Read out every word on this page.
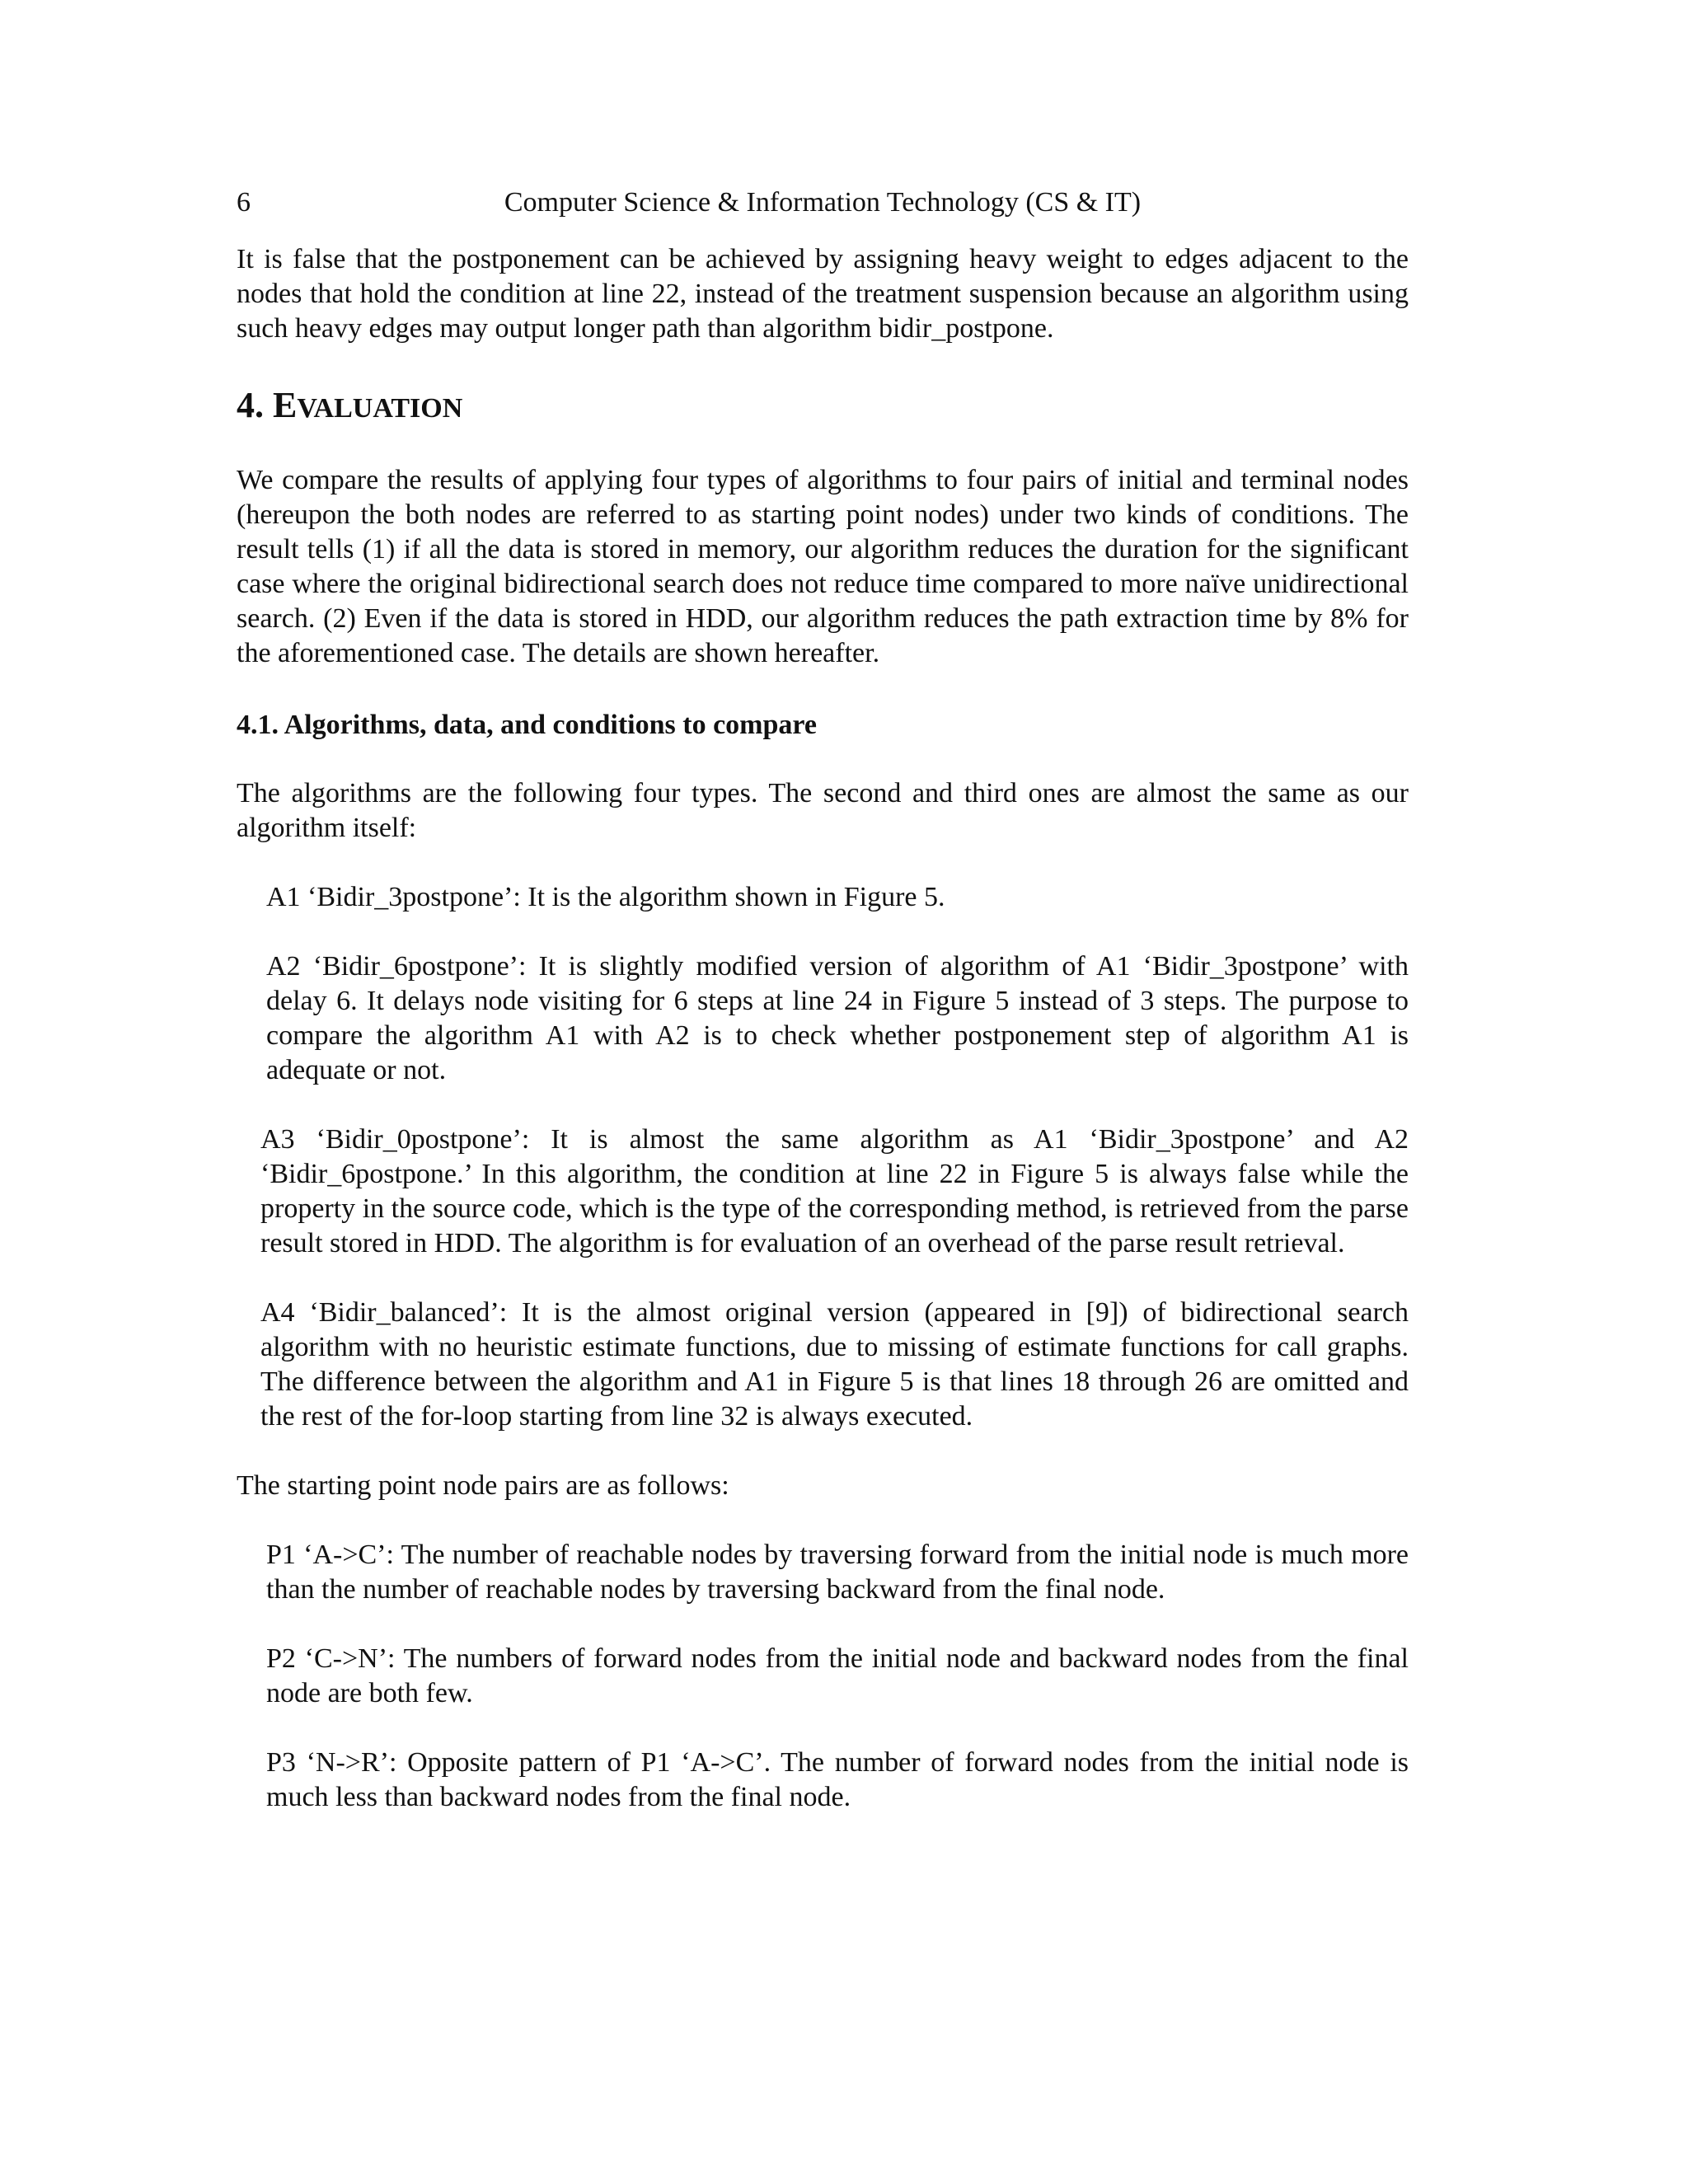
6	Computer Science & Information Technology (CS & IT)

It is false that the postponement can be achieved by assigning heavy weight to edges adjacent to the nodes that hold the condition at line 22, instead of the treatment suspension because an algorithm using such heavy edges may output longer path than algorithm bidir_postpone.

4. EVALUATION

We compare the results of applying four types of algorithms to four pairs of initial and terminal nodes (hereupon the both nodes are referred to as starting point nodes) under two kinds of conditions. The result tells (1) if all the data is stored in memory, our algorithm reduces the duration for the significant case where the original bidirectional search does not reduce time compared to more naïve unidirectional search. (2) Even if the data is stored in HDD, our algorithm reduces the path extraction time by 8% for the aforementioned case. The details are shown hereafter.

4.1. Algorithms, data, and conditions to compare

The algorithms are the following four types. The second and third ones are almost the same as our algorithm itself:

A1 ‘Bidir_3postpone’: It is the algorithm shown in Figure 5.

A2 ‘Bidir_6postpone’: It is slightly modified version of algorithm of A1 ‘Bidir_3postpone’ with delay 6. It delays node visiting for 6 steps at line 24 in Figure 5 instead of 3 steps. The purpose to compare the algorithm A1 with A2 is to check whether postponement step of algorithm A1 is adequate or not.

A3 ‘Bidir_0postpone’: It is almost the same algorithm as A1 ‘Bidir_3postpone’ and A2 ‘Bidir_6postpone.’ In this algorithm, the condition at line 22 in Figure 5 is always false while the property in the source code, which is the type of the corresponding method, is retrieved from the parse result stored in HDD. The algorithm is for evaluation of an overhead of the parse result retrieval.

A4 ‘Bidir_balanced’: It is the almost original version (appeared in [9]) of bidirectional search algorithm with no heuristic estimate functions, due to missing of estimate functions for call graphs. The difference between the algorithm and A1 in Figure 5 is that lines 18 through 26 are omitted and the rest of the for-loop starting from line 32 is always executed.

The starting point node pairs are as follows:

P1 ‘A->C’: The number of reachable nodes by traversing forward from the initial node is much more than the number of reachable nodes by traversing backward from the final node.

P2 ‘C->N’: The numbers of forward nodes from the initial node and backward nodes from the final node are both few.

P3 ‘N->R’: Opposite pattern of P1 ‘A->C’. The number of forward nodes from the initial node is much less than backward nodes from the final node.
